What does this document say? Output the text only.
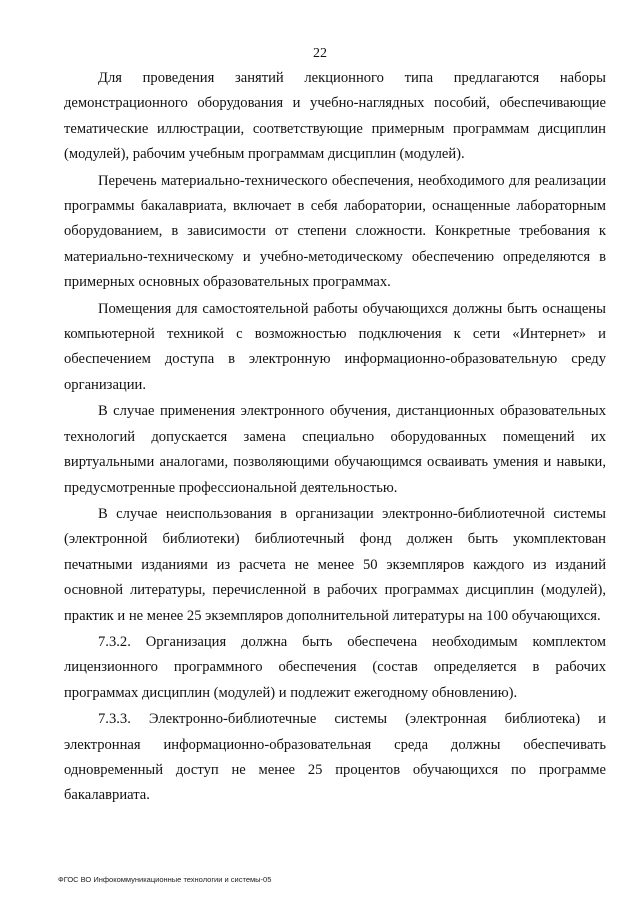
22

Для проведения занятий лекционного типа предлагаются наборы демонстрационного оборудования и учебно-наглядных пособий, обеспечивающие тематические иллюстрации, соответствующие примерным программам дисциплин (модулей), рабочим учебным программам дисциплин (модулей).

Перечень материально-технического обеспечения, необходимого для реализации программы бакалавриата, включает в себя лаборатории, оснащенные лабораторным оборудованием, в зависимости от степени сложности. Конкретные требования к материально-техническому и учебно-методическому обеспечению определяются в примерных основных образовательных программах.

Помещения для самостоятельной работы обучающихся должны быть оснащены компьютерной техникой с возможностью подключения к сети «Интернет» и обеспечением доступа в электронную информационно-образовательную среду организации.

В случае применения электронного обучения, дистанционных образовательных технологий допускается замена специально оборудованных помещений их виртуальными аналогами, позволяющими обучающимся осваивать умения и навыки, предусмотренные профессиональной деятельностью.

В случае неиспользования в организации электронно-библиотечной системы (электронной библиотеки) библиотечный фонд должен быть укомплектован печатными изданиями из расчета не менее 50 экземпляров каждого из изданий основной литературы, перечисленной в рабочих программах дисциплин (модулей), практик и не менее 25 экземпляров дополнительной литературы на 100 обучающихся.

7.3.2. Организация должна быть обеспечена необходимым комплектом лицензионного программного обеспечения (состав определяется в рабочих программах дисциплин (модулей) и подлежит ежегодному обновлению).

7.3.3. Электронно-библиотечные системы (электронная библиотека) и электронная информационно-образовательная среда должны обеспечивать одновременный доступ не менее 25 процентов обучающихся по программе бакалавриата.

ФГОС ВО Инфокоммуникационные технологии и системы-05
